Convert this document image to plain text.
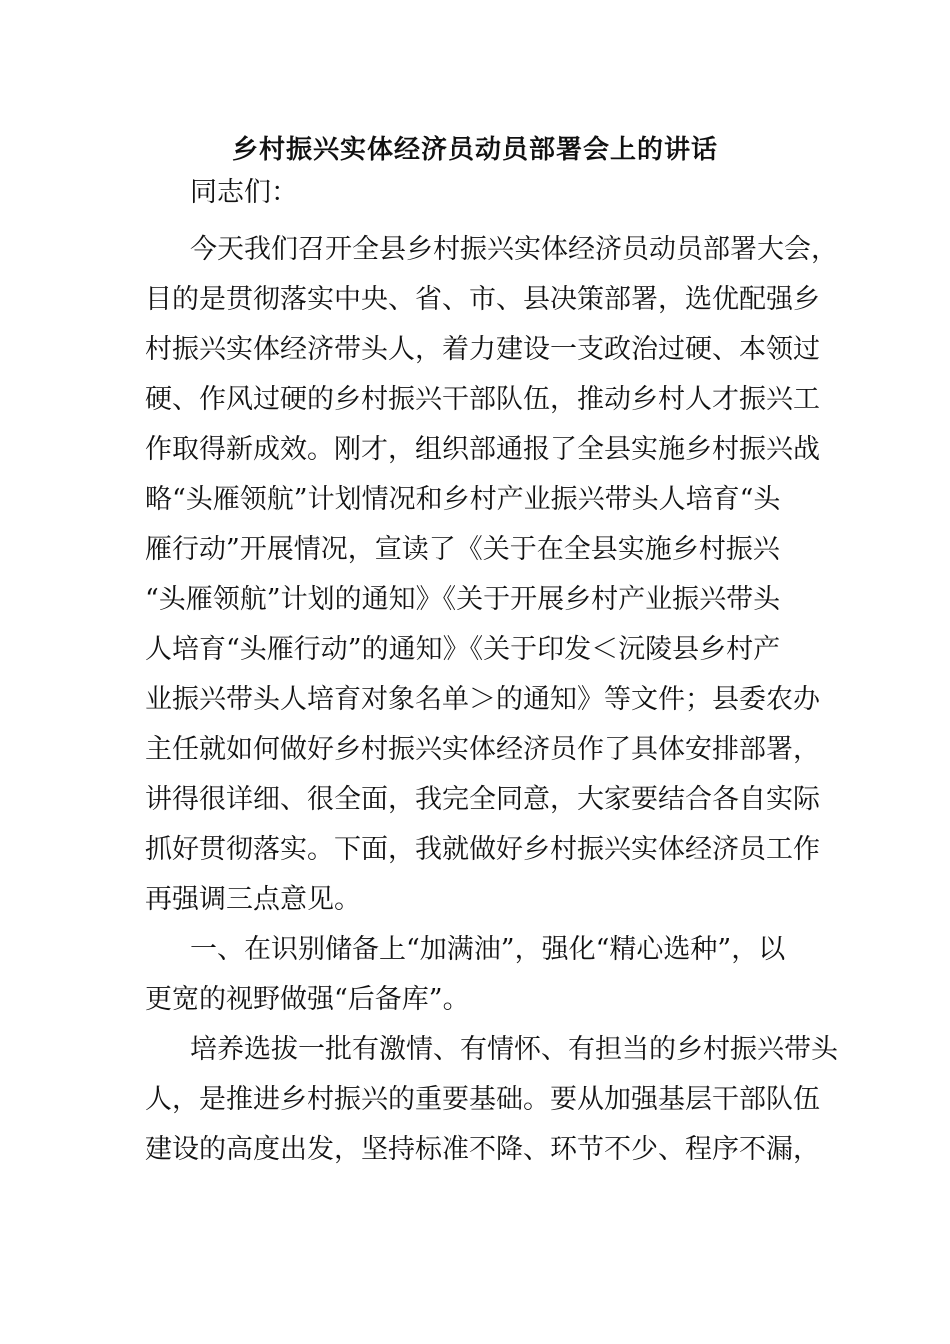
乡村振兴实体经济员动员部署会上的讲话
同志们：
今天我们召开全县乡村振兴实体经济员动员部署大会，
目的是贯彻落实中央、省、市、县决策部署，选优配强乡
村振兴实体经济带头人，着力建设一支政治过硬、本领过
硬、作风过硬的乡村振兴干部队伍，推动乡村人才振兴工
作取得新成效。刚才，组织部通报了全县实施乡村振兴战
略“头雁领航”计划情况和乡村产业振兴带头人培育“头
雁行动”开展情况，宣读了《关于在全县实施乡村振兴
“头雁领航”计划的通知》《关于开展乡村产业振兴带头
人培育“头雁行动”的通知》《关于印发＜沅陵县乡村产
业振兴带头人培育对象名单＞的通知》等文件；县委农办
主任就如何做好乡村振兴实体经济员作了具体安排部署，
讲得很详细、很全面，我完全同意，大家要结合各自实际
抓好贯彻落实。下面，我就做好乡村振兴实体经济员工作
再强调三点意见。
一、在识别储备上“加满油”，强化“精心选种”，以
更宽的视野做强“后备库”。
培养选拔一批有激情、有情怀、有担当的乡村振兴带头
人，是推进乡村振兴的重要基础。要从加强基层干部队伍
建设的高度出发，坚持标准不降、环节不少、程序不漏，
